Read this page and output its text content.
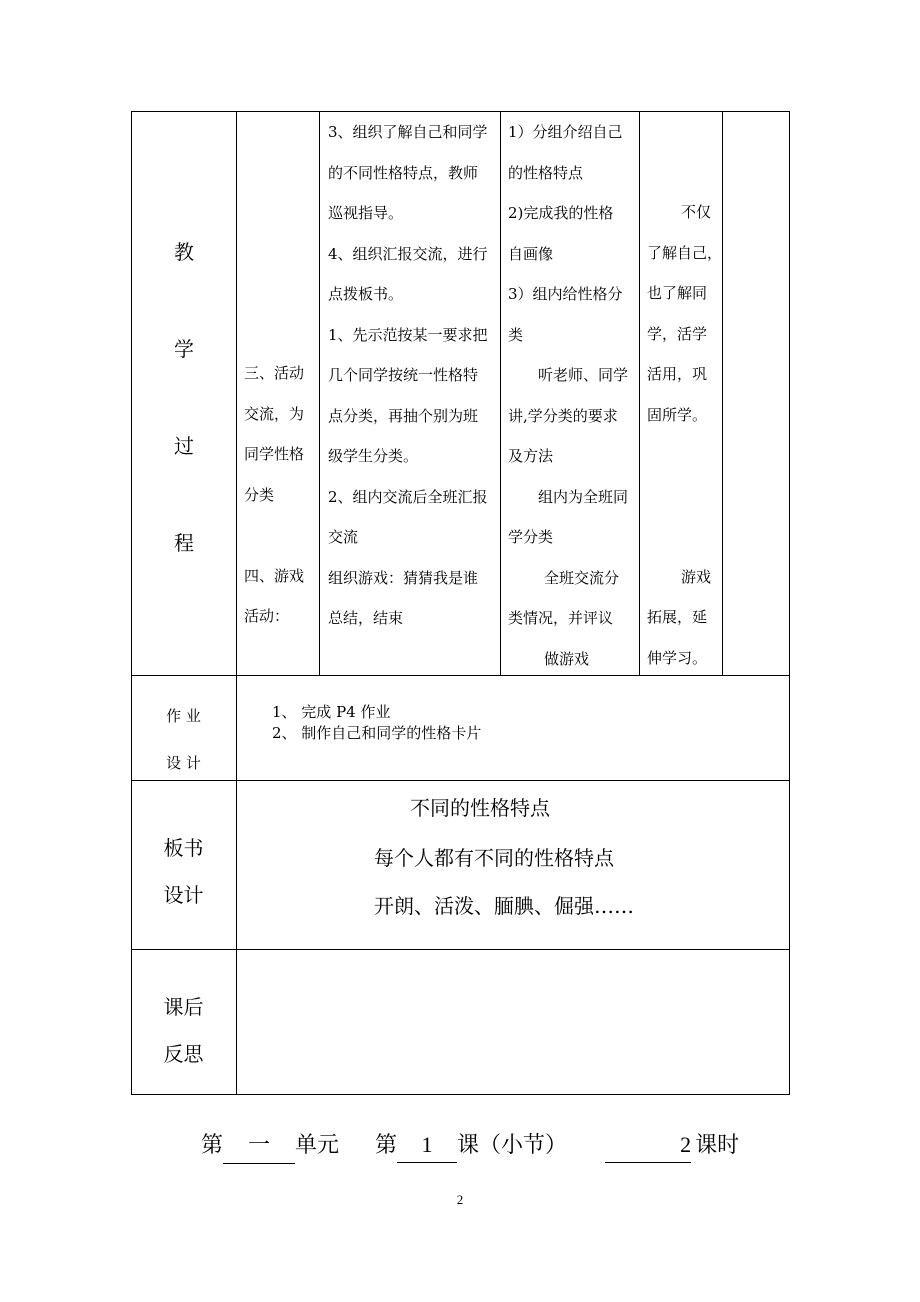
教
学
过
程
三、活动
交流，为
同学性格
分类
四、游戏
活动：
3、组织了解自己和同学
的不同性格特点，教师
巡视指导。
4、组织汇报交流，进行
点拨板书。
1、先示范按某一要求把
几个同学按统一性格特
点分类，再抽个别为班
级学生分类。
2、组内交流后全班汇报
交流
组织游戏：猜猜我是谁
总结，结束
1）分组介绍自己
的性格特点
2)完成我的性格
自画像
3）组内给性格分
类
听老师、同学
讲,学分类的要求
及方法
组内为全班同
学分类
全班交流分
类情况，并评议
做游戏
不仅
了解自己，
也了解同
学，活学
活用，巩
固所学。
游戏
拓展，延
伸学习。
作 业
设 计
1、 完成 P4 作业
2、 制作自己和同学的性格卡片
板书
设计
不同的性格特点
每个人都有不同的性格特点
开朗、活泼、腼腆、倔强……
课后
反思
第 一 单元 第 1 课（小节）	2 课时
2
